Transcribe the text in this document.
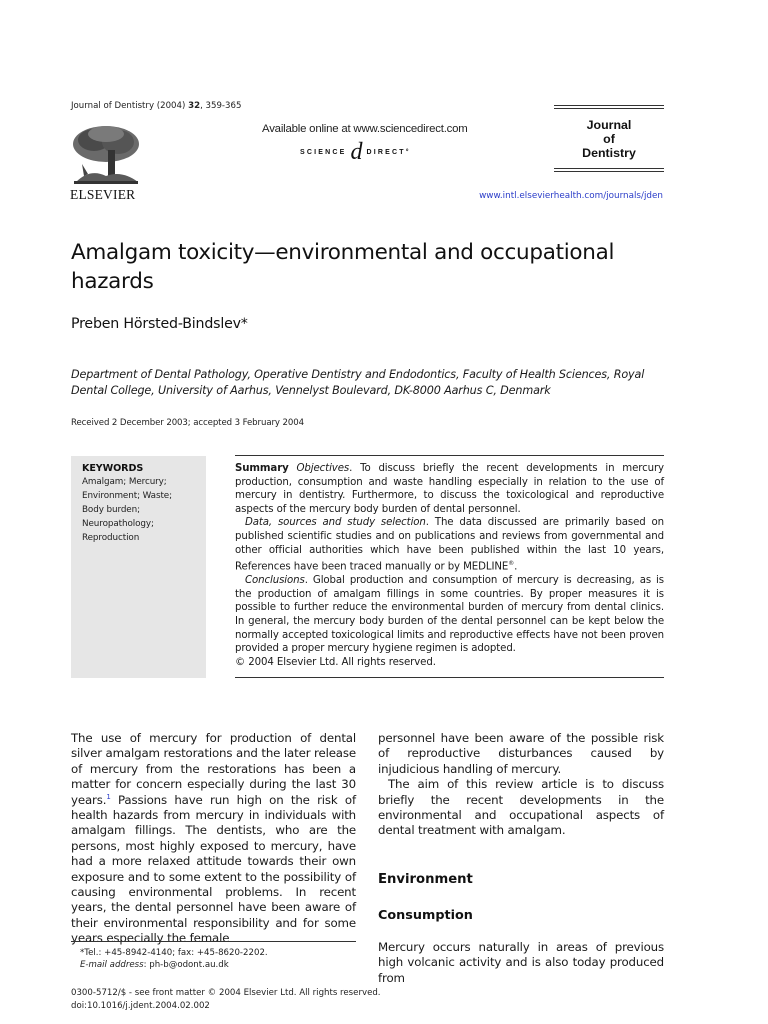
Journal of Dentistry (2004) 32, 359-365
ELSEVIER
Available online at www.sciencedirect.com
SCIENCE d DIRECT°
Journal
of
Dentistry
www.intl.elsevierhealth.com/journals/jden
Amalgam toxicity—environmental and occupational hazards
Preben Hörsted-Bindslev*
Department of Dental Pathology, Operative Dentistry and Endodontics, Faculty of Health Sciences, Royal Dental College, University of Aarhus, Vennelyst Boulevard, DK-8000 Aarhus C, Denmark
Received 2 December 2003; accepted 3 February 2004
KEYWORDS
Amalgam; Mercury;
Environment; Waste;
Body burden;
Neuropathology;
Reproduction

Summary Objectives. To discuss briefly the recent developments in mercury production, consumption and waste handling especially in relation to the use of mercury in dentistry. Furthermore, to discuss the toxicological and reproductive aspects of the mercury body burden of dental personnel.

Data, sources and study selection. The data discussed are primarily based on published scientific studies and on publications and reviews from governmental and other official authorities which have been published within the last 10 years, References have been traced manually or by MEDLINE®.

Conclusions. Global production and consumption of mercury is decreasing, as is the production of amalgam fillings in some countries. By proper measures it is possible to further reduce the environmental burden of mercury from dental clinics. In general, the mercury body burden of the dental personnel can be kept below the normally accepted toxicological limits and reproductive effects have not been proven provided a proper mercury hygiene regimen is adopted.

© 2004 Elsevier Ltd. All rights reserved.

The use of mercury for production of dental silver amalgam restorations and the later release of mercury from the restorations has been a matter for concern especially during the last 30 years.$^1$ Passions have run high on the risk of health hazards from mercury in individuals with amalgam fillings. The dentists, who are the persons, most highly exposed to mercury, have had a more relaxed attitude towards their own exposure and to some extent to the possibility of causing environmental problems. In recent years, the dental personnel have been aware of their environmental responsibility and for some years especially the female

personnel have been aware of the possible risk of reproductive disturbances caused by injudicious handling of mercury.

The aim of this review article is to discuss briefly the recent developments in the environmental and occupational aspects of dental treatment with amalgam.

Environment
Consumption
Mercury occurs naturally in areas of previous high volcanic activity and is also today produced from
*Tel.: +45-8942-4140; fax: +45-8620-2202.
E-mail address: ph-b@odont.au.dk
0300-5712/$ - see front matter © 2004 Elsevier Ltd. All rights reserved.
doi:10.1016/j.jdent.2004.02.002
